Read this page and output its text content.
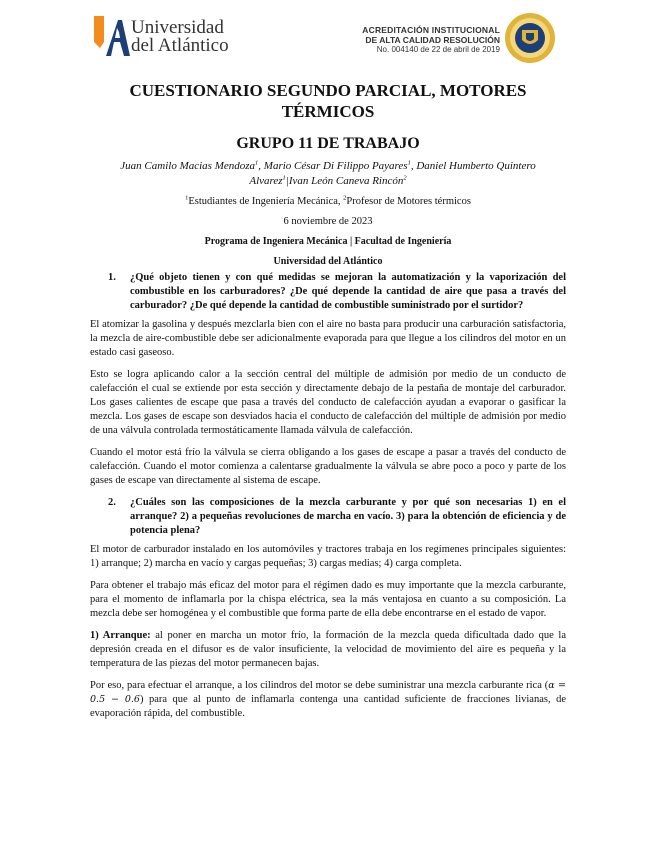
Universidad
del Atlántico
ACREDITACIÓN INSTITUCIONAL
DE ALTA CALIDAD RESOLUCIÓN
No. 004140 de 22 de abril de 2019
CUESTIONARIO SEGUNDO PARCIAL, MOTORES TÉRMICOS
GRUPO 11 DE TRABAJO
Juan Camilo Macias Mendoza$^1$, Mario César Di Filippo Payares$^1$, Daniel Humberto Quintero
Alvarez$^1$|Ivan León Caneva Rincón$^2$
$^1$Estudiantes de Ingeniería Mecánica, $^2$Profesor de Motores térmicos
6 noviembre de 2023
Programa de Ingeniera Mecánica | Facultad de Ingeniería
Universidad del Atlántico
1.	¿Qué objeto tienen y con qué medidas se mejoran la automatización y la vaporización del combustible en los carburadores? ¿De qué depende la cantidad de aire que pasa a través del carburador? ¿De qué depende la cantidad de combustible suministrado por el surtidor?

El atomizar la gasolina y después mezclarla bien con el aire no basta para producir una carburación satisfactoria, la mezcla de aire-combustible debe ser adicionalmente evaporada para que llegue a los cilindros del motor en un estado casi gaseoso.

Esto se logra aplicando calor a la sección central del múltiple de admisión por medio de un conducto de calefacción el cual se extiende por esta sección y directamente debajo de la pestaña de montaje del carburador. Los gases calientes de escape que pasa a través del conducto de calefacción ayudan a evaporar o gasificar la mezcla. Los gases de escape son desviados hacia el conducto de calefacción del múltiple de admisión por medio de una válvula controlada termostáticamente llamada válvula de calefacción.

Cuando el motor está frío la válvula se cierra obligando a los gases de escape a pasar a través del conducto de calefacción. Cuando el motor comienza a calentarse gradualmente la válvula se abre poco a poco y parte de los gases de escape van directamente al sistema de escape.

2.	¿Cuáles son las composiciones de la mezcla carburante y por qué son necesarias 1) en el arranque? 2) a pequeñas revoluciones de marcha en vacío. 3) para la obtención de eficiencia y de potencia plena?

El motor de carburador instalado en los automóviles y tractores trabaja en los regímenes principales siguientes: 1) arranque; 2) marcha en vacío y cargas pequeñas; 3) cargas medias; 4) carga completa.

Para obtener el trabajo más eficaz del motor para el régimen dado es muy importante que la mezcla carburante, para el momento de inflamarla por la chispa eléctrica, sea la más ventajosa en cuanto a su composición. La mezcla debe ser homogénea y el combustible que forma parte de ella debe encontrarse en el estado de vapor.

1) Arranque: al poner en marcha un motor frío, la formación de la mezcla queda dificultada dado que la depresión creada en el difusor es de valor insuficiente, la velocidad de movimiento del aire es pequeña y la temperatura de las piezas del motor permanecen bajas.

Por eso, para efectuar el arranque, a los cilindros del motor se debe suministrar una mezcla carburante rica (α = 0.5 − 0.6) para que al punto de inflamarla contenga una cantidad suficiente de fracciones livianas, de evaporación rápida, del combustible.
